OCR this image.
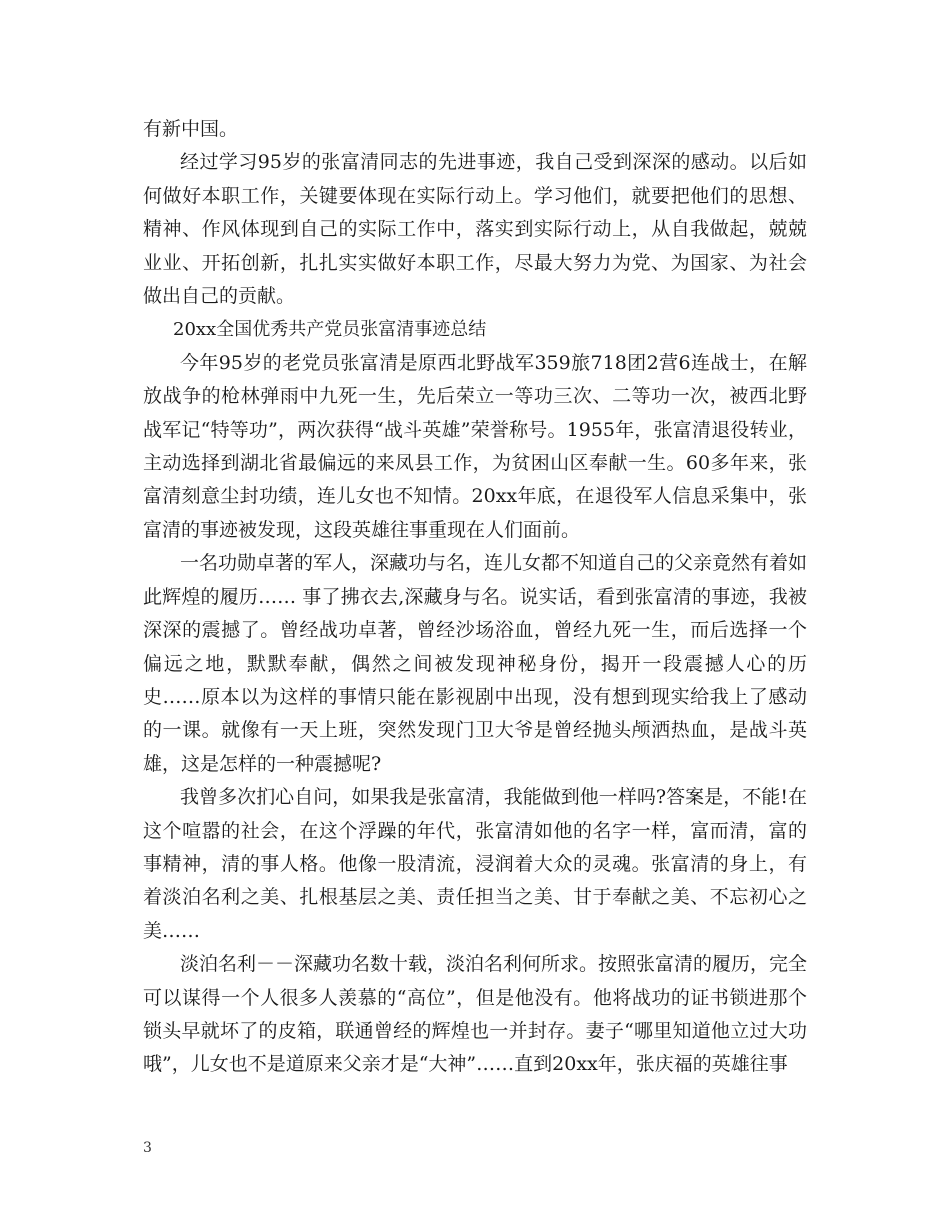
有新中国。

经过学习95岁的张富清同志的先进事迹，我自己受到深深的感动。以后如何做好本职工作，关键要体现在实际行动上。学习他们，就要把他们的思想、精神、作风体现到自己的实际工作中，落实到实际行动上，从自我做起，兢兢业业、开拓创新，扎扎实实做好本职工作，尽最大努力为党、为国家、为社会做出自己的贡献。

20xx全国优秀共产党员张富清事迹总结

今年95岁的老党员张富清是原西北野战军359旅718团2营6连战士，在解放战争的枪林弹雨中九死一生，先后荣立一等功三次、二等功一次，被西北野战军记“特等功”，两次获得“战斗英雄”荣誉称号。1955年，张富清退役转业，主动选择到湖北省最偏远的来凤县工作，为贫困山区奉献一生。60多年来，张富清刻意尘封功绩，连儿女也不知情。20xx年底，在退役军人信息采集中，张富清的事迹被发现，这段英雄往事重现在人们面前。

一名功勋卓著的军人，深藏功与名，连儿女都不知道自己的父亲竟然有着如此辉煌的履历…… 事了拂衣去,深藏身与名。说实话，看到张富清的事迹，我被深深的震撼了。曾经战功卓著，曾经沙场浴血，曾经九死一生，而后选择一个偏远之地，默默奉献，偶然之间被发现神秘身份，揭开一段震撼人心的历史……原本以为这样的事情只能在影视剧中出现，没有想到现实给我上了感动的一课。就像有一天上班，突然发现门卫大爷是曾经抛头颅洒热血，是战斗英雄，这是怎样的一种震撼呢?

我曾多次扪心自问，如果我是张富清，我能做到他一样吗?答案是，不能!在这个喧嚣的社会，在这个浮躁的年代，张富清如他的名字一样，富而清，富的事精神，清的事人格。他像一股清流，浸润着大众的灵魂。张富清的身上，有着淡泊名利之美、扎根基层之美、责任担当之美、甘于奉献之美、不忘初心之美……

淡泊名利－－深藏功名数十载，淡泊名利何所求。按照张富清的履历，完全可以谋得一个人很多人羡慕的“高位”，但是他没有。他将战功的证书锁进那个锁头早就坏了的皮箱，联通曾经的辉煌也一并封存。妻子“哪里知道他立过大功哦”，儿女也不是道原来父亲才是“大神”……直到20xx年，张庆福的英雄往事

3
